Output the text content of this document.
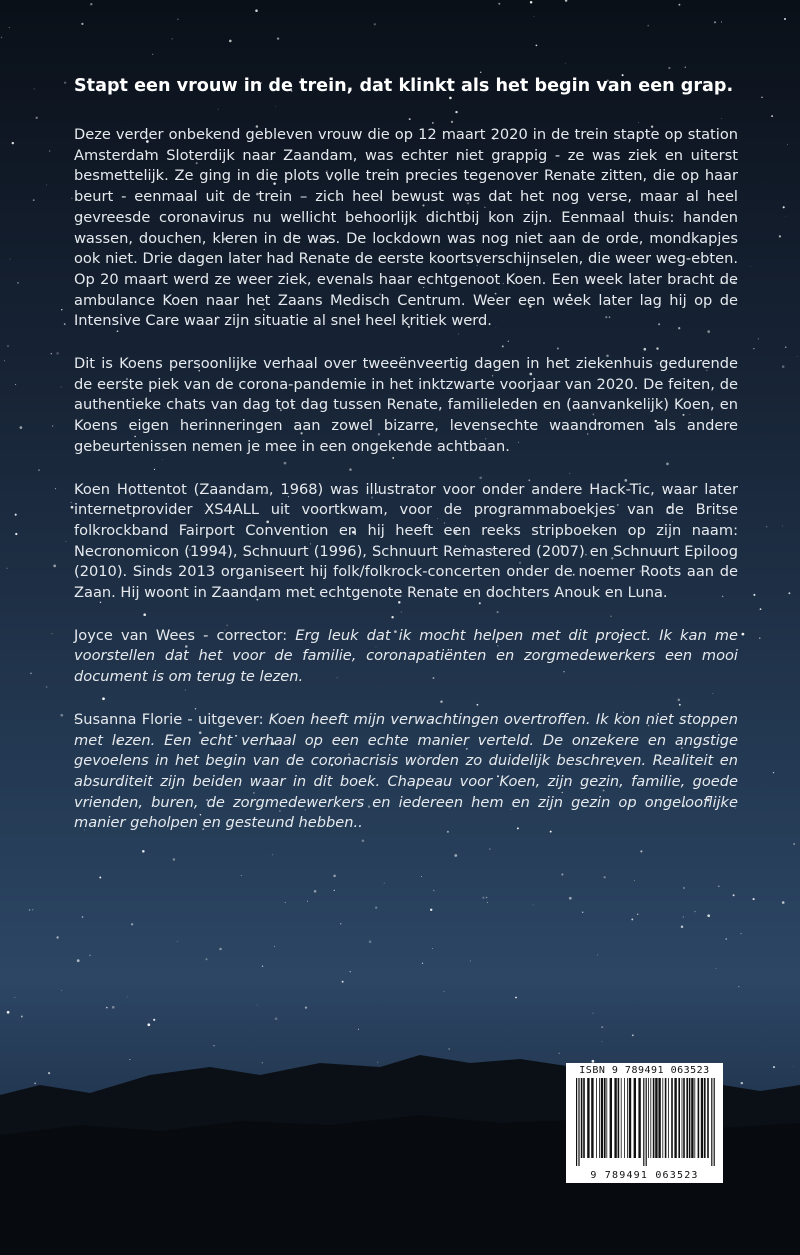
Stapt een vrouw in de trein, dat klinkt als het begin van een grap.

Deze verder onbekend gebleven vrouw die op 12 maart 2020 in de trein stapte op station Amsterdam Sloterdijk naar Zaandam, was echter niet grappig - ze was ziek en uiterst besmettelijk. Ze ging in die plots volle trein precies tegenover Renate zitten, die op haar beurt - eenmaal uit de trein – zich heel bewust was dat het nog verse, maar al heel gevreesde coronavirus nu wellicht behoorlijk dichtbij kon zijn. Eenmaal thuis: handen wassen, douchen, kleren in de was. De lockdown was nog niet aan de orde, mondkapjes ook niet. Drie dagen later had Renate de eerste koortsverschijnselen, die weer weg-ebten. Op 20 maart werd ze weer ziek, evenals haar echtgenoot Koen. Een week later bracht de ambulance Koen naar het Zaans Medisch Centrum. Weer een week later lag hij op de Intensive Care waar zijn situatie al snel heel kritiek werd.

Dit is Koens persoonlijke verhaal over tweeënveertig dagen in het ziekenhuis gedurende de eerste piek van de corona-pandemie in het inktzwarte voorjaar van 2020. De feiten, de authentieke chats van dag tot dag tussen Renate, familieleden en (aanvankelijk) Koen, en Koens eigen herinneringen aan zowel bizarre, levensechte waandromen als andere gebeurtenissen nemen je mee in een ongekende achtbaan.

Koen Hottentot (Zaandam, 1968) was illustrator voor onder andere Hack-Tic, waar later internetprovider XS4ALL uit voortkwam, voor de programmaboekjes van de Britse folkrockband Fairport Convention en hij heeft een reeks stripboeken op zijn naam: Necronomicon (1994), Schnuurt (1996), Schnuurt Remastered (2007) en Schnuurt Epiloog (2010). Sinds 2013 organiseert hij folk/folkrock-concerten onder de noemer Roots aan de Zaan. Hij woont in Zaandam met echtgenote Renate en dochters Anouk en Luna.

Joyce van Wees - corrector: Erg leuk dat ik mocht helpen met dit project. Ik kan me voorstellen dat het voor de familie, coronapatiënten en zorgmedewerkers een mooi document is om terug te lezen.

Susanna Florie - uitgever: Koen heeft mijn verwachtingen overtroffen. Ik kon niet stoppen met lezen. Een echt verhaal op een echte manier verteld. De onzekere en angstige gevoelens in het begin van de coronacrisis worden zo duidelijk beschreven. Realiteit en absurditeit zijn beiden waar in dit boek. Chapeau voor Koen, zijn gezin, familie, goede vrienden, buren, de zorgmedewerkers en iedereen hem en zijn gezin op ongelooflijke manier geholpen en gesteund hebben..

ISBN 9 789491 063523
9 789491 063523
